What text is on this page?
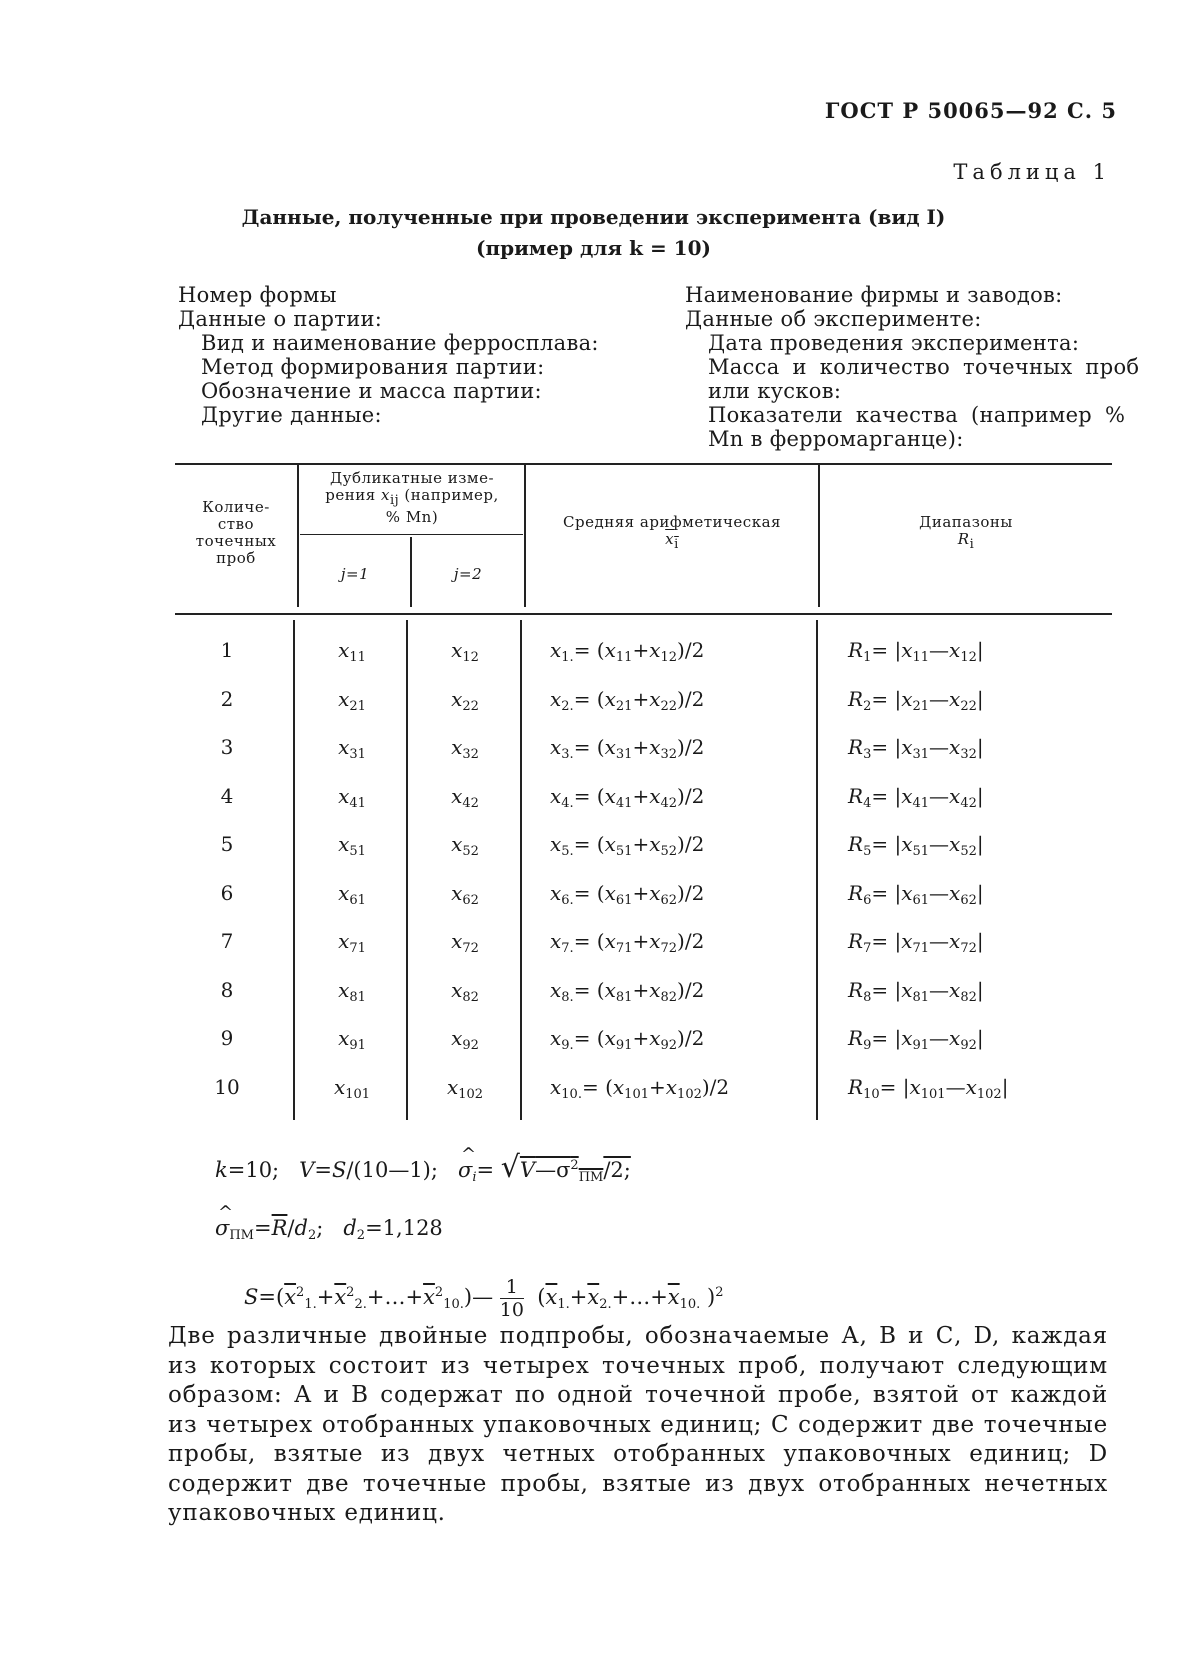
ГОСТ Р 50065—92 С. 5
Таблица 1
Данные, полученные при проведении эксперимента (вид I)
(пример для k = 10)
Номер формы
Данные о партии:
Вид и наименование ферросплава:
Метод формирования партии:
Обозначение и масса партии:
Другие данные:
Наименование фирмы и заводов:
Данные об эксперименте:
Дата проведения эксперимента:
Масса и количество точечных проб
или кусков:
Показатели качества (например %
Mn в ферромарганце):
Количе-
ство
точечных
проб
Дубликатные изме-
рения $x_{ij}$ (например,
% Mn)
j=1	j=2
Средняя арифметическая
$x_i$
Диапазоны
$R_i$
1	$x_{11}$	$x_{12}$	$x_{1.}= (x_{11}+x_{12})/2$	$R_1=$ $|x_{11}—x_{12}|$
2	$x_{21}$	$x_{22}$	$x_{2.}= (x_{21}+x_{22})/2$	$R_2=$ $|x_{21}—x_{22}|$
3	$x_{31}$	$x_{32}$	$x_{3.}= (x_{31}+x_{32})/2$	$R_3=$ $|x_{31}—x_{32}|$
4	$x_{41}$	$x_{42}$	$x_{4.}= (x_{41}+x_{42})/2$	$R_4=$ $|x_{41}—x_{42}|$
5	$x_{51}$	$x_{52}$	$x_{5.}= (x_{51}+x_{52})/2$	$R_5=$ $|x_{51}—x_{52}|$
6	$x_{61}$	$x_{62}$	$x_{6.}= (x_{61}+x_{62})/2$	$R_6=$ $|x_{61}—x_{62}|$
7	$x_{71}$	$x_{72}$	$x_{7.}= (x_{71}+x_{72})/2$	$R_7=$ $|x_{71}—x_{72}|$
8	$x_{81}$	$x_{82}$	$x_{8.}= (x_{81}+x_{82})/2$	$R_8=$ $|x_{81}—x_{82}|$
9	$x_{91}$	$x_{92}$	$x_{9.}= (x_{91}+x_{92})/2$	$R_9=$ $|x_{91}—x_{92}|$
10	$x_{101}$	$x_{102}$	$x_{10.}= (x_{101}+x_{102})/2$	$R_{10}=$ $|x_{101}—x_{102}|$
k=10;   V=S/(10—1);   ^ $\sigma_i=$ $√V—\sigma^2_{ПМ}/2$;
^ $\sigma_{ПМ}=\overline{R}/d_2$;   $d_2=1,128$
$S=(\overline{x}^2_{1.}+\overline{x}^2_{2.}+\dots+\overline{x}^2_{10.})— \frac{1}{10}$ ($\overline{x}_{1.}+\overline{x}_{2.}+\dots+\overline{x}_{10.}$ )$^2$
Две различные двойные подпробы, обозначаемые А, В и С, D, каждая из которых состоит из четырех точечных проб, получают следующим образом: А и В содержат по одной точечной пробе, взятой от каждой из четырех отобранных упаковочных единиц; С содержит две точечные пробы, взятые из двух четных отобранных упаковочных единиц; D содержит две точечные пробы, взятые из двух отобранных нечетных упаковочных единиц.
